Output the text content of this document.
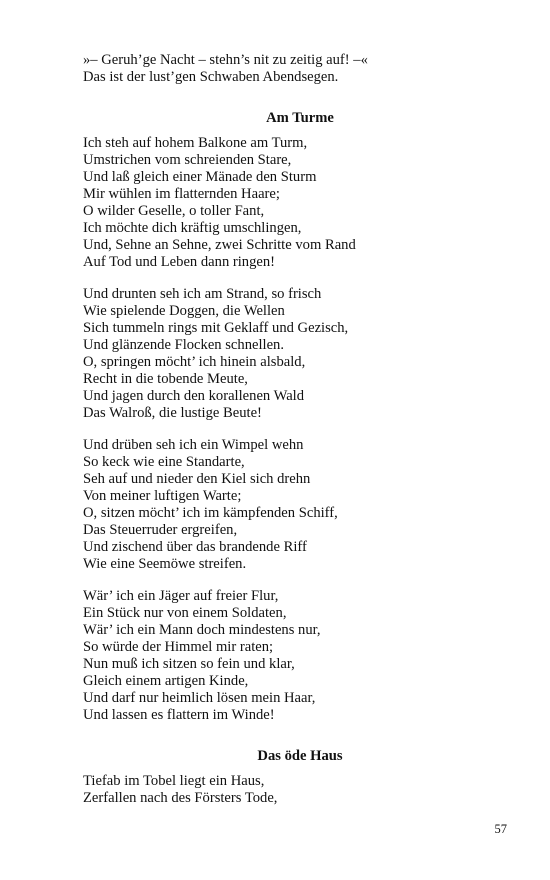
»– Geruh’ge Nacht – stehn’s nit zu zeitig auf! –«
Das ist der lust’gen Schwaben Abendsegen.
Am Turme
Ich steh auf hohem Balkone am Turm,
Umstrichen vom schreienden Stare,
Und laß gleich einer Mänade den Sturm
Mir wühlen im flatternden Haare;
O wilder Geselle, o toller Fant,
Ich möchte dich kräftig umschlingen,
Und, Sehne an Sehne, zwei Schritte vom Rand
Auf Tod und Leben dann ringen!
Und drunten seh ich am Strand, so frisch
Wie spielende Doggen, die Wellen
Sich tummeln rings mit Geklaff und Gezisch,
Und glänzende Flocken schnellen.
O, springen möcht’ ich hinein alsbald,
Recht in die tobende Meute,
Und jagen durch den korallenen Wald
Das Walroß, die lustige Beute!
Und drüben seh ich ein Wimpel wehn
So keck wie eine Standarte,
Seh auf und nieder den Kiel sich drehn
Von meiner luftigen Warte;
O, sitzen möcht’ ich im kämpfenden Schiff,
Das Steuerruder ergreifen,
Und zischend über das brandende Riff
Wie eine Seemöwe streifen.
Wär’ ich ein Jäger auf freier Flur,
Ein Stück nur von einem Soldaten,
Wär’ ich ein Mann doch mindestens nur,
So würde der Himmel mir raten;
Nun muß ich sitzen so fein und klar,
Gleich einem artigen Kinde,
Und darf nur heimlich lösen mein Haar,
Und lassen es flattern im Winde!
Das öde Haus
Tiefab im Tobel liegt ein Haus,
Zerfallen nach des Försters Tode,
57
